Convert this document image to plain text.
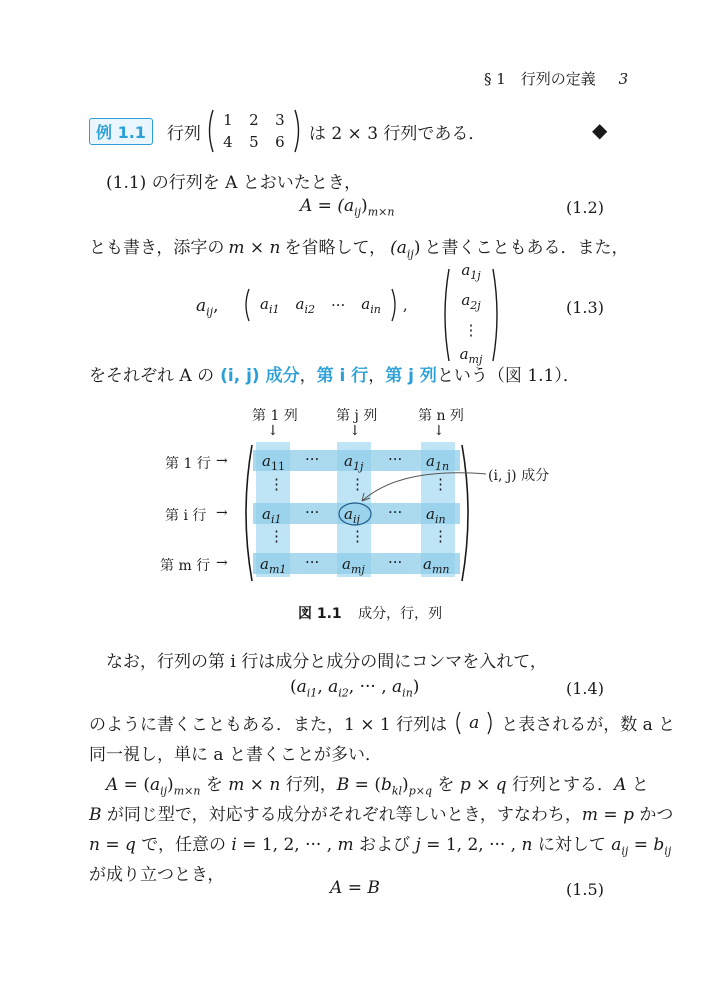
§ 1　行列の定義 3
例 1.1	行列
1 2 3
4 5 6	は 2 × 3 行列である．	◆
(1.1) の行列を A とおいたとき，
$A = (a_{ij})_{m\times n}$	(1.2)
とも書き，添字の m × n を省略して， $(a_{ij})$ と書くこともある．また，
$a_{ij}$,	$a_{i1}$ $a_{i2}$ ··· $a_{in}$ ,
$a_{1j}$
$a_{2j}$
⋮
$a_{mj}$
(1.3)
をそれぞれ A の (i, j) 成分，第 i 行，第 j 列という（図 1.1）．
第 1 列	第 j 列	第 n 列
↓	↓	↓
第 1 行
第 i 行
第 m 行
→
→
→
$a_{11}$ ··· $a_{1j}$ ··· $a_{1n}$
⋮	⋮	⋮
$a_{i1}$ ··· $a_{ij}$ ··· $a_{in}$
⋮	⋮	⋮
$a_{m1}$ ··· $a_{mj}$ ··· $a_{mn}$
(i, j) 成分
図 1.1 成分，行，列
なお，行列の第 i 行は成分と成分の間にコンマを入れて，
($a_{i1}$, $a_{i2}$, ··· , $a_{in}$)	(1.4)
のように書くこともある．また，1 × 1 行列は a と表されるが，数 a と
同一視し，単に a と書くことが多い．
$A = (a_{ij})_{m\times n}$ を m × n 行列，$B = (b_{kl})_{p\times q}$ を p × q 行列とする．A と
B が同じ型で，対応する成分がそれぞれ等しいとき，すなわち，m = p かつ
n = q で，任意の i = 1, 2, ··· , m および j = 1, 2, ··· , n に対して $a_{ij} = b_{ij}$
が成り立つとき，
A = B	(1.5)
